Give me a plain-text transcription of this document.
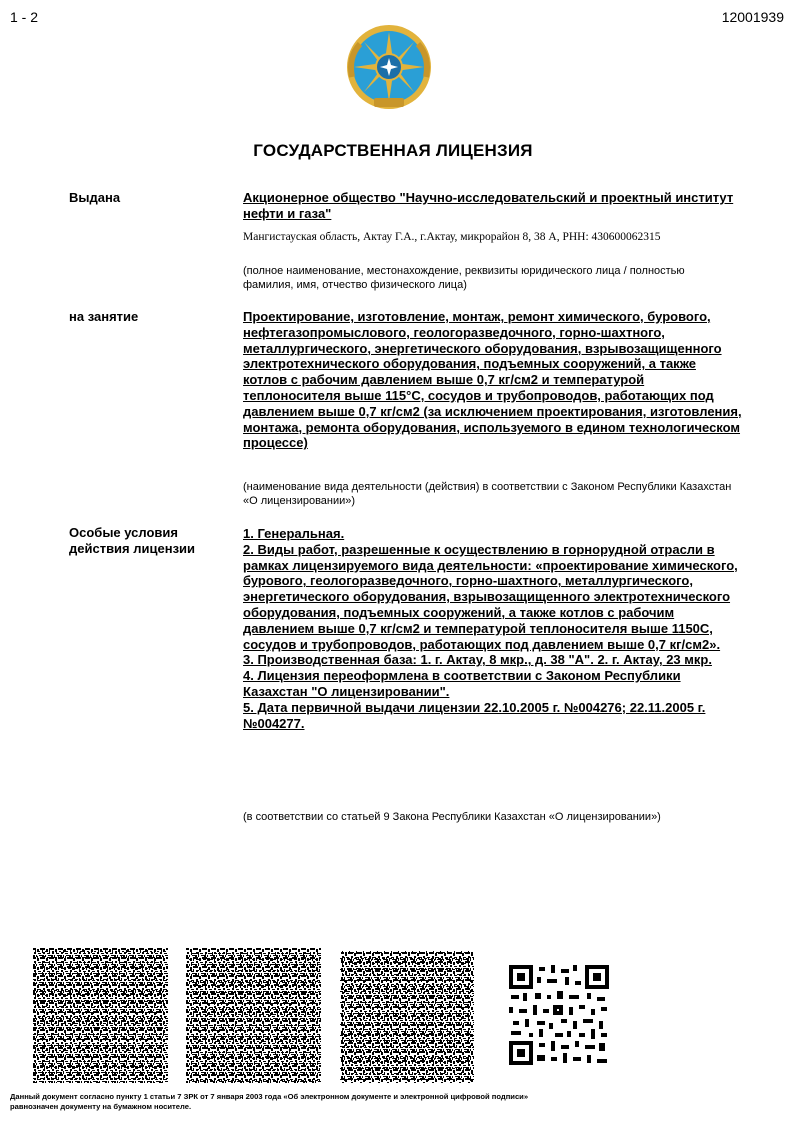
1 - 2	12001939
ГОСУДАРСТВЕННАЯ ЛИЦЕНЗИЯ
Выдана	Акционерное общество "Научно-исследовательский и проектный институт нефти и газа"
Мангистауская область, Актау Г.А., г.Актау, микрорайон 8, 38 А, РНН: 430600062315
(полное наименование, местонахождение, реквизиты юридического лица / полностью фамилия, имя, отчество физического лица)
на занятие	Проектирование, изготовление, монтаж, ремонт химического, бурового, нефтегазопромыслового, геологоразведочного, горно-шахтного, металлургического, энергетического оборудования, взрывозащищенного электротехнического оборудования, подъемных сооружений, а также котлов с рабочим давлением выше 0,7 кг/см2 и температурой теплоносителя выше 115°С, сосудов и трубопроводов, работающих под давлением выше 0,7 кг/см2 (за исключением проектирования, изготовления, монтажа, ремонта оборудования, используемого в едином технологическом процессе)
(наименование вида деятельности (действия) в соответствии с Законом Республики Казахстан «О лицензировании»)
Особые условия
действия лицензии
1. Генеральная.
2. Виды работ, разрешенные к осуществлению в горнорудной отрасли в рамках лицензируемого вида деятельности: «проектирование химического, бурового, геологоразведочного, горно-шахтного, металлургического, энергетического оборудования, взрывозащищенного электротехнического оборудования, подъемных сооружений, а также котлов с рабочим давлением выше 0,7 кг/см2 и температурой теплоносителя выше 1150С, сосудов и трубопроводов, работающих под давлением выше 0,7 кг/см2».
3. Производственная база: 1. г. Актау, 8 мкр., д. 38 "А". 2. г. Актау, 23 мкр.
4. Лицензия переоформлена в соответствии с Законом Республики Казахстан "О лицензировании".
5. Дата первичной выдачи лицензии 22.10.2005 г. №004276; 22.11.2005 г. №004277.
(в соответствии со статьей 9 Закона Республики Казахстан «О лицензировании»)
Данный документ согласно пункту 1 статьи 7 ЗРК от 7 января 2003 года «Об электронном документе и электронной цифровой подписи»
равнозначен документу на бумажном носителе.
